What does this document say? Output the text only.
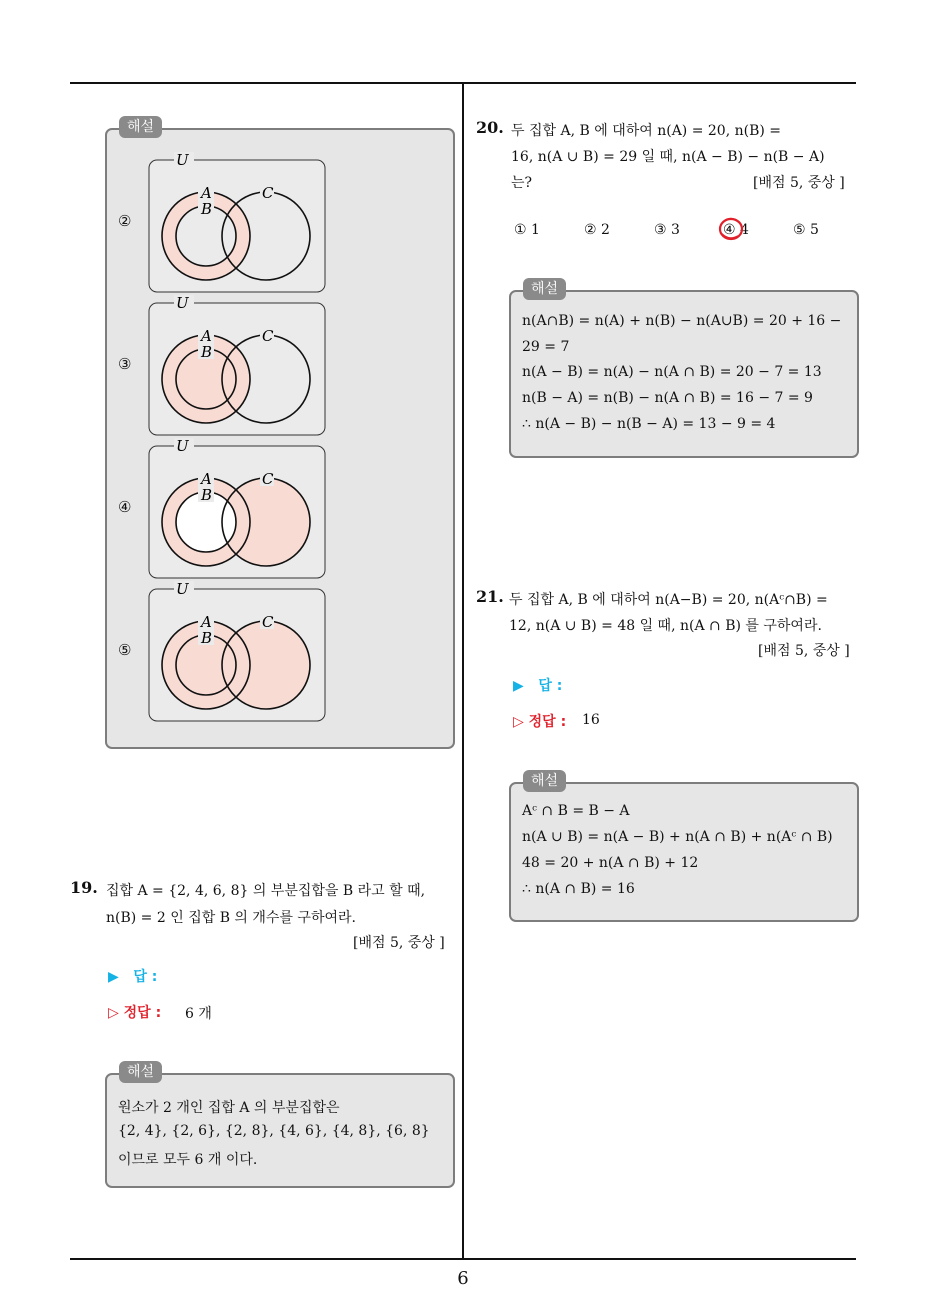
해설
②
U
A
B
C
③
U
A
B
C
④
U
A
B
C
⑤
U
A
B
C
19. 집합 A = {2, 4, 6, 8} 의 부분집합을 B 라고 할 때,
n(B) = 2 인 집합 B 의 개수를 구하여라.
[배점 5, 중상 ]
▶ 답 :
▷ 정답 : 6 개
해설
원소가 2 개인 집합 A 의 부분집합은
{2, 4}, {2, 6}, {2, 8}, {4, 6}, {4, 8}, {6, 8}
이므로 모두 6 개 이다.
20. 두 집합 A, B 에 대하여 n(A) = 20, n(B) =
16, n(A ∪ B) = 29 일 때, n(A − B) − n(B − A)
는?	[배점 5, 중상 ]
① 1	② 2	③ 3	④ 4	⑤ 5
해설
n(A∩B) = n(A) + n(B) − n(A∪B) = 20 + 16 −
29 = 7
n(A − B) = n(A) − n(A ∩ B) = 20 − 7 = 13
n(B − A) = n(B) − n(A ∩ B) = 16 − 7 = 9
∴ n(A − B) − n(B − A) = 13 − 9 = 4
21. 두 집합 A, B 에 대하여 n(A−B) = 20, n(Aᶜ∩B) =
12, n(A ∪ B) = 48 일 때, n(A ∩ B) 를 구하여라.
[배점 5, 중상 ]
▶ 답 :
▷ 정답 : 16
해설
Aᶜ ∩ B = B − A
n(A ∪ B) = n(A − B) + n(A ∩ B) + n(Aᶜ ∩ B)
48 = 20 + n(A ∩ B) + 12
∴ n(A ∩ B) = 16
6
